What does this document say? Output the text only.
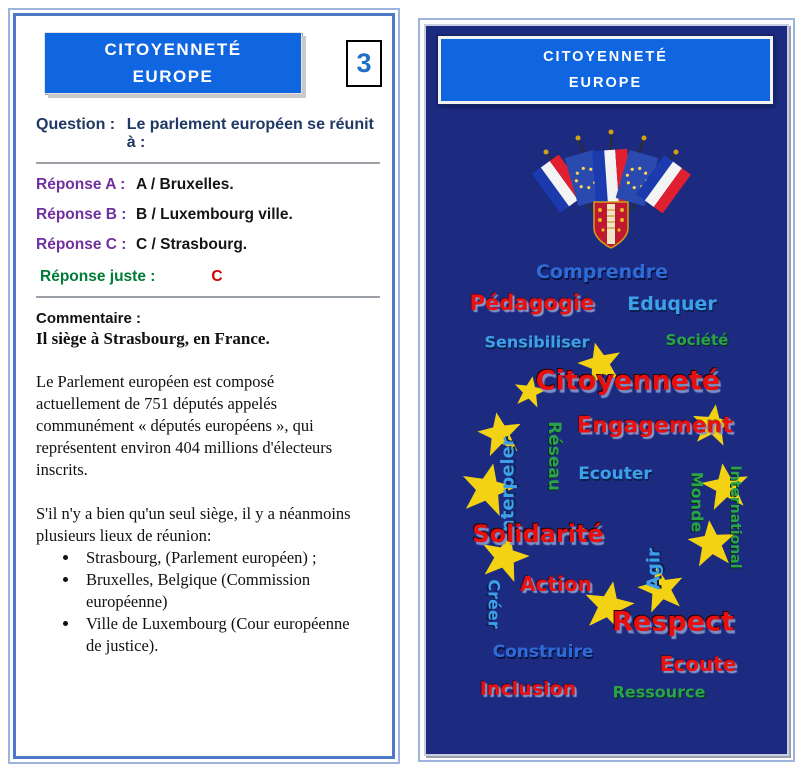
CITOYENNETÉ
EUROPE	3
Question : Le parlement européen se réunit à :
Réponse A : A / Bruxelles.
Réponse B : B / Luxembourg ville.
Réponse C : C / Strasbourg.
Réponse juste :	C
Commentaire :
Il siège à Strasbourg, en France.
Le Parlement européen est composé
actuellement de 751 députés appelés
communément « députés européens », qui
représentent environ 404 millions d'électeurs
inscrits.
S'il n'y a bien qu'un seul siège, il y a néanmoins
plusieurs lieux de réunion:
• Strasbourg, (Parlement européen) ;
• Bruxelles, Belgique (Commission européenne)
• Ville de Luxembourg (Cour européenne de justice).
CITOYENNETÉ
EUROPE
Comprendre
Pédagogie Eduquer
Sensibiliser	Société
Citoyenneté
Engagement
Interpeler Réseau Ecouter Monde International
Solidarité
Agir
Action
Créer	Respect
Construire	Ecoute
Inclusion Ressource
